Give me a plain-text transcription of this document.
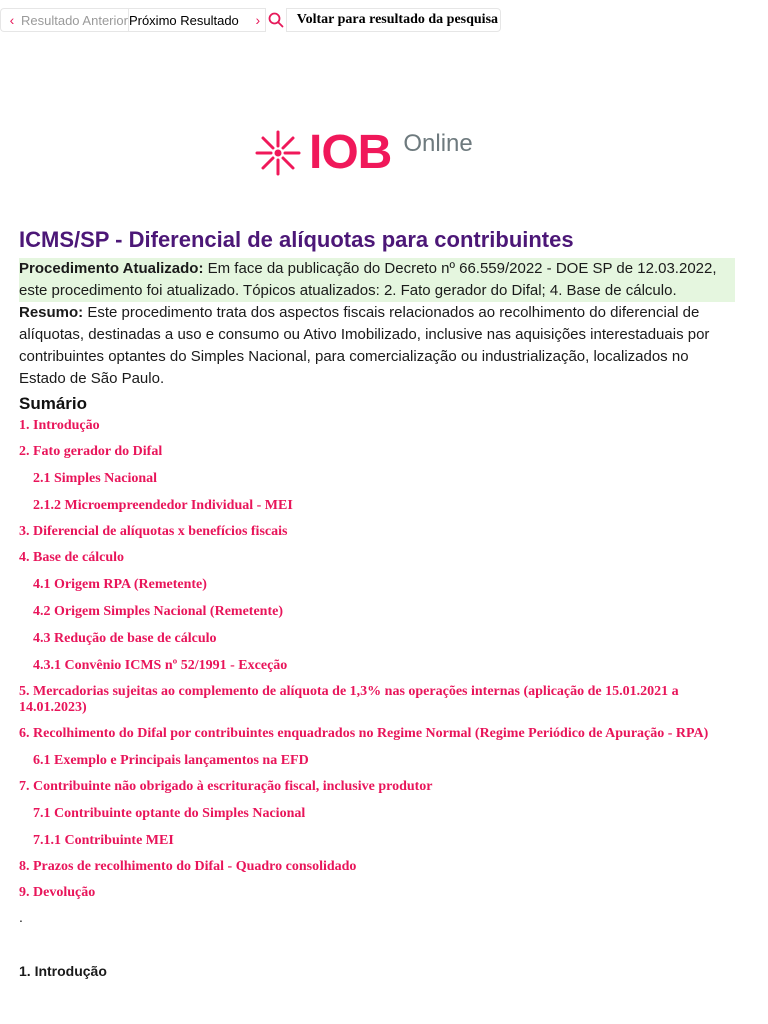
‹ Resultado Anterior Próximo Resultado	›	Voltar para resultado da pesquisa
IOB Online
ICMS/SP - Diferencial de alíquotas para contribuintes

Procedimento Atualizado: Em face da publicação do Decreto nº 66.559/2022 - DOE SP de 12.03.2022, este procedimento foi atualizado. Tópicos atualizados: 2. Fato gerador do Difal; 4. Base de cálculo.

Resumo: Este procedimento trata dos aspectos fiscais relacionados ao recolhimento do diferencial de alíquotas, destinadas a uso e consumo ou Ativo Imobilizado, inclusive nas aquisições interestaduais por contribuintes optantes do Simples Nacional, para comercialização ou industrialização, localizados no Estado de São Paulo.

Sumário
1. Introdução
2. Fato gerador do Difal
2.1 Simples Nacional
2.1.2 Microempreendedor Individual - MEI
3. Diferencial de alíquotas x benefícios fiscais
4. Base de cálculo
4.1 Origem RPA (Remetente)
4.2 Origem Simples Nacional (Remetente)
4.3 Redução de base de cálculo
4.3.1 Convênio ICMS nº 52/1991 - Exceção
5. Mercadorias sujeitas ao complemento de alíquota de 1,3% nas operações internas (aplicação de 15.01.2021 a 14.01.2023)
6. Recolhimento do Difal por contribuintes enquadrados no Regime Normal (Regime Periódico de Apuração - RPA)
6.1 Exemplo e Principais lançamentos na EFD
7. Contribuinte não obrigado à escrituração fiscal, inclusive produtor
7.1 Contribuinte optante do Simples Nacional
7.1.1 Contribuinte MEI
8. Prazos de recolhimento do Difal - Quadro consolidado
9. Devolução
.
1. Introdução
